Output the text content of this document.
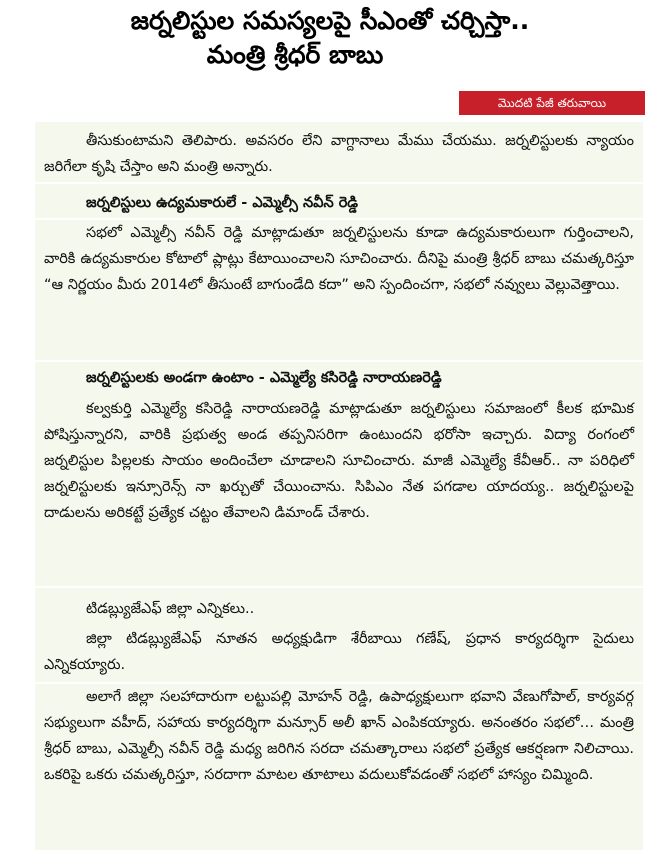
జర్నలిస్టుల సమస్యలపై సీఎంతో చర్చిస్తా..
మంత్రి శ్రీధర్ బాబు
మొదటి పేజీ తరువాయి

తీసుకుంటామని తెలిపారు. అవసరం లేని వాగ్దానాలు మేము చేయము. జర్నలిస్టులకు న్యాయం జరిగేలా కృషి చేస్తాం అని మంత్రి అన్నారు.

జర్నలిస్టులు ఉద్యమకారులే - ఎమ్మెల్సీ నవీన్ రెడ్డి

సభలో ఎమ్మెల్సీ నవీన్ రెడ్డి మాట్లాడుతూ జర్నలిస్టులను కూడా ఉద్యమకారులుగా గుర్తించాలని, వారికి ఉద్యమకారుల కోటాలో ప్లాట్లు కేటాయించాలని సూచించారు. దీనిపై మంత్రి శ్రీధర్ బాబు చమత్కరిస్తూ “ఆ నిర్ణయం మీరు 2014లో తీసుంటే బాగుండేది కదా” అని స్పందించగా, సభలో నవ్వులు వెల్లువెత్తాయి.

జర్నలిస్టులకు అండగా ఉంటాం - ఎమ్మెల్యే కసిరెడ్డి నారాయణరెడ్డి

కల్వకుర్తి ఎమ్మెల్యే కసిరెడ్డి నారాయణరెడ్డి మాట్లాడుతూ జర్నలిస్టులు సమాజంలో కీలక భూమిక పోషిస్తున్నారని, వారికి ప్రభుత్వ అండ తప్పనిసరిగా ఉంటుందని భరోసా ఇచ్చారు. విద్యా రంగంలో జర్నలిస్టుల పిల్లలకు సాయం అందించేలా చూడాలని సూచించారు. మాజీ ఎమ్మెల్యే కేవీఆర్.. నా పరిధిలో జర్నలిస్టులకు ఇన్సూరెన్స్ నా ఖర్చుతో చేయించాను. సిపిఎం నేత పగడాల యాదయ్య.. జర్నలిస్టులపై దాడులను అరికట్టే ప్రత్యేక చట్టం తేవాలని డిమాండ్ చేశారు.

టిడబ్ల్యుజేఎఫ్ జిల్లా ఎన్నికలు..

జిల్లా టిడబ్ల్యుజేఎఫ్ నూతన అధ్యక్షుడిగా శేరీబాయి గణేష్, ప్రధాన కార్యదర్శిగా సైదులు ఎన్నికయ్యారు.

అలాగే జిల్లా సలహాదారుగా లట్టుపల్లి మోహన్ రెడ్డి, ఉపాధ్యక్షులుగా భవాని వేణుగోపాల్, కార్యవర్గ సభ్యులుగా వహీద్, సహాయ కార్యదర్శిగా మన్సూర్ అలీ ఖాన్ ఎంపికయ్యారు. అనంతరం సభలో… మంత్రి శ్రీధర్ బాబు, ఎమ్మెల్సీ నవీన్ రెడ్డి మధ్య జరిగిన సరదా చమత్కారాలు సభలో ప్రత్యేక ఆకర్షణగా నిలిచాయి. ఒకరిపై ఒకరు చమత్కరిస్తూ, సరదాగా మాటల తూటాలు వదులుకోవడంతో సభలో హాస్యం చిమ్మింది.
